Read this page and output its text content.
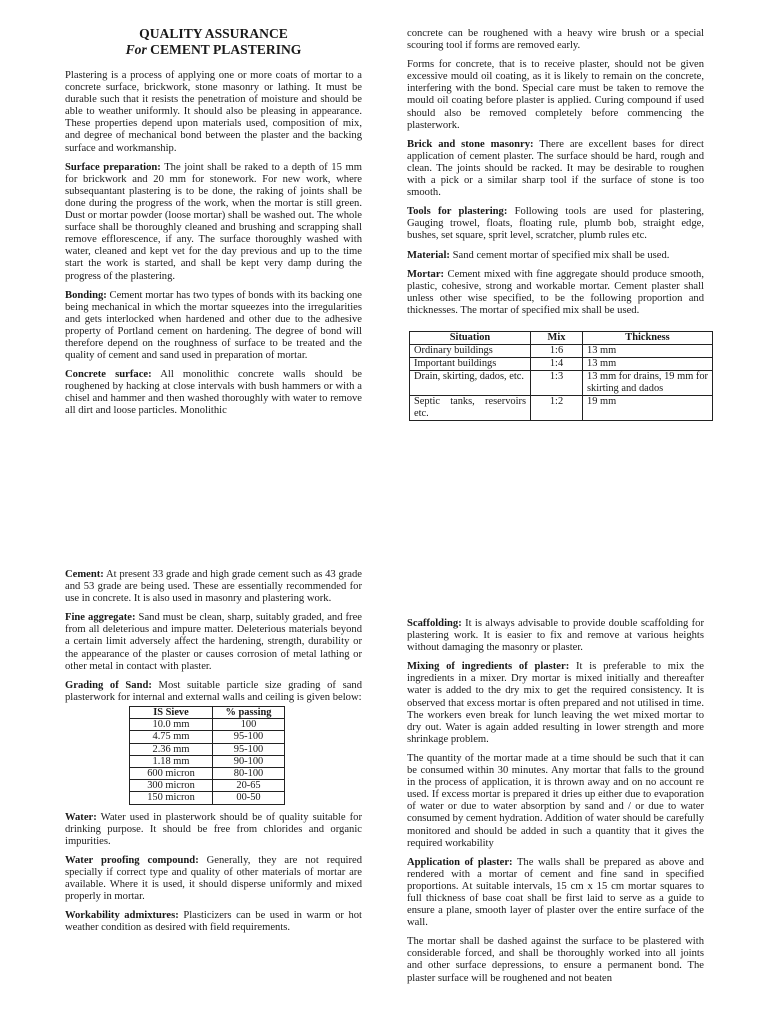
QUALITY ASSURANCE
For CEMENT PLASTERING

Plastering is a process of applying one or more coats of mortar to a concrete surface, brickwork, stone masonry or lathing. It must be durable such that it resists the penetration of moisture and should be able to weather uniformly. It should also be pleasing in appearance. These properties depend upon materials used, composition of mix, and degree of mechanical bond between the plaster and the backing surface and workmanship.

Surface preparation: The joint shall be raked to a depth of 15 mm for brickwork and 20 mm for stonework. For new work, where subsequantant plastering is to be done, the raking of joints shall be done during the progress of the work, when the mortar is still green. Dust or mortar powder (loose mortar) shall be washed out. The whole surface shall be thoroughly cleaned and brushing and scrapping shall remove efflorescence, if any. The surface thoroughly washed with water, cleaned and kept vet for the day previous and up to the time start the work is started, and shall be kept very damp during the progress of the plastering.

Bonding: Cement mortar has two types of bonds with its backing one being mechanical in which the mortar squeezes into the irregularities and gets interlocked when hardened and other due to the adhesive property of Portland cement on hardening. The degree of bond will therefore depend on the roughness of surface to be treated and the quality of cement and sand used in preparation of mortar.

Concrete surface: All monolithic concrete walls should be roughened by hacking at close intervals with bush hammers or with a chisel and hammer and then washed thoroughly with water to remove all dirt and loose particles. Monolithic

concrete can be roughened with a heavy wire brush or a special scouring tool if forms are removed early.

Forms for concrete, that is to receive plaster, should not be given excessive mould oil coating, as it is likely to remain on the concrete, interfering with the bond. Special care must be taken to remove the mould oil coating before plaster is applied. Curing compound if used should also be removed completely before commencing the plasterwork.

Brick and stone masonry: There are excellent bases for direct application of cement plaster. The surface should be hard, rough and clean. The joints should be racked. It may be desirable to roughen with a pick or a similar sharp tool if the surface of stone is too smooth.

Tools for plastering: Following tools are used for plastering, Gauging trowel, floats, floating rule, plumb bob, straight edge, bushes, set square, sprit level, scratcher, plumb rules etc.

Material: Sand cement mortar of specified mix shall be used.

Mortar: Cement mixed with fine aggregate should produce smooth, plastic, cohesive, strong and workable mortar. Cement plaster shall unless other wise specified, to be the following proportion and thicknesses. The mortar of specified mix shall be used.

Situation	Mix	Thickness
Ordinary buildings	1:6	13 mm
Important buildings	1:4	13 mm
Drain, skirting, dados, etc.	1:3	13 mm for drains, 19 mm for skirting and dados
Septic tanks, reservoirs etc.	1:2	19 mm

Cement: At present 33 grade and high grade cement such as 43 grade and 53 grade are being used. These are essentially recommended for use in concrete. It is also used in masonry and plastering work.

Fine aggregate: Sand must be clean, sharp, suitably graded, and free from all deleterious and impure matter. Deleterious materials beyond a certain limit adversely affect the hardening, strength, durability or the appearance of the plaster or causes corrosion of metal lathing or other metal in contact with plaster.

Grading of Sand: Most suitable particle size grading of sand plasterwork for internal and external walls and ceiling is given below:

IS Sieve	% passing
10.0 mm	100
4.75 mm	95-100
2.36 mm	95-100
1.18 mm	90-100
600 micron	80-100
300 micron	20-65
150 micron	00-50

Water: Water used in plasterwork should be of quality suitable for drinking purpose. It should be free from chlorides and organic impurities.

Water proofing compound: Generally, they are not required specially if correct type and quality of other materials of mortar are available. Where it is used, it should disperse uniformly and mixed properly in mortar.

Workability admixtures: Plasticizers can be used in warm or hot weather condition as desired with field requirements.

Scaffolding: It is always advisable to provide double scaffolding for plastering work. It is easier to fix and remove at various heights without damaging the masonry or plaster.

Mixing of ingredients of plaster: It is preferable to mix the ingredients in a mixer. Dry mortar is mixed initially and thereafter water is added to the dry mix to get the required consistency. It is observed that excess mortar is often prepared and not utilised in time. The workers even break for lunch leaving the wet mixed mortar to dry out. Water is again added resulting in lower strength and more shrinkage problem.

The quantity of the mortar made at a time should be such that it can be consumed within 30 minutes. Any mortar that falls to the ground in the process of application, it is thrown away and on no account re used. If excess mortar is prepared it dries up either due to evaporation of water or due to water absorption by sand and / or due to water consumed by cement hydration. Addition of water should be carefully monitored and should be added in such a quantity that it gives the required workability

Application of plaster: The walls shall be prepared as above and rendered with a mortar of cement and fine sand in specified proportions. At suitable intervals, 15 cm x 15 cm mortar squares to full thickness of base coat shall be first laid to serve as a guide to ensure a plane, smooth layer of plaster over the entire surface of the wall.

The mortar shall be dashed against the surface to be plastered with considerable forced, and shall be thoroughly worked into all joints and other surface depressions, to ensure a permanent bond. The plaster surface will be roughened and not beaten
